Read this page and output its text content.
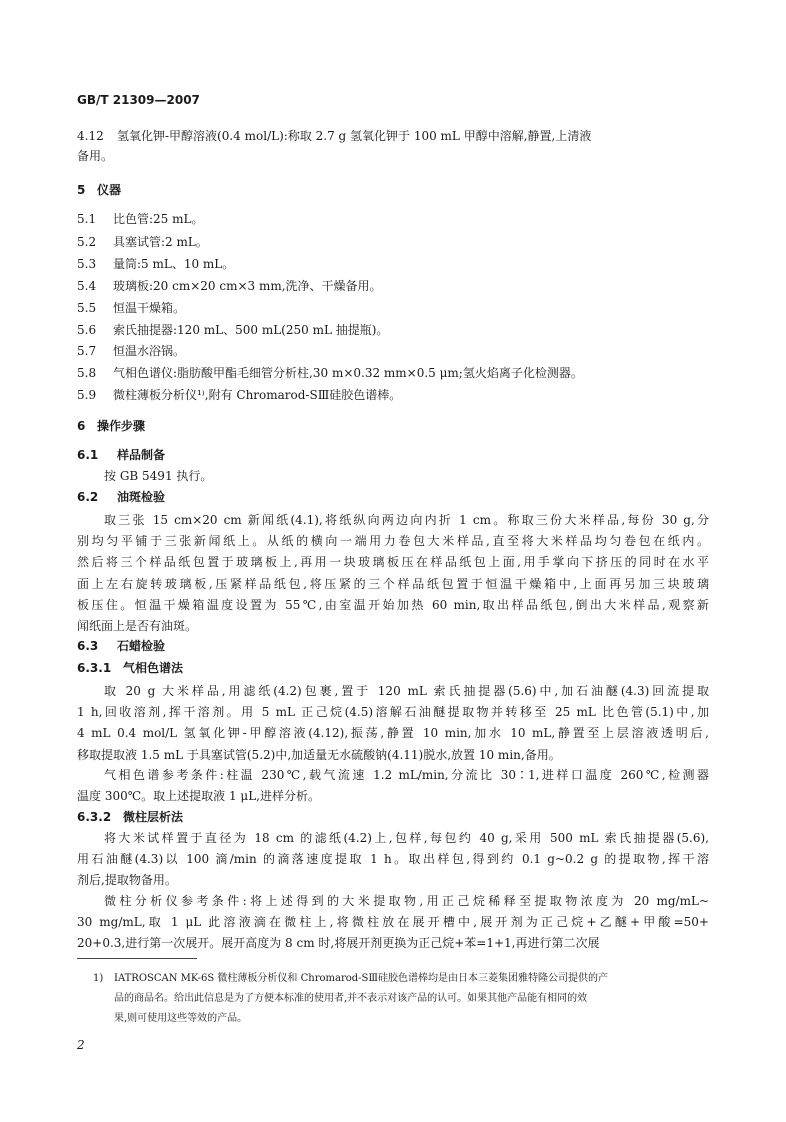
GB/T 21309—2007
4.12 氢氧化钾-甲醇溶液(0.4 mol/L):称取 2.7 g 氢氧化钾于 100 mL 甲醇中溶解,静置,上清液
备用。
5 仪器
5.1 比色管:25 mL。
5.2 具塞试管:2 mL。
5.3 量筒:5 mL、10 mL。
5.4 玻璃板:20 cm×20 cm×3 mm,洗净、干燥备用。
5.5 恒温干燥箱。
5.6 索氏抽提器:120 mL、500 mL(250 mL 抽提瓶)。
5.7 恒温水浴锅。
5.8 气相色谱仪:脂肪酸甲酯毛细管分析柱,30 m×0.32 mm×0.5 μm;氢火焰离子化检测器。
5.9 微柱薄板分析仪¹⁾,附有 Chromarod-SⅢ硅胶色谱棒。
6 操作步骤
6.1 样品制备
按 GB 5491 执行。
6.2 油斑检验
取三张 15 cm×20 cm 新闻纸(4.1),将纸纵向两边向内折 1 cm。称取三份大米样品,每份 30 g,分
别均匀平铺于三张新闻纸上。从纸的横向一端用力卷包大米样品,直至将大米样品均匀卷包在纸内。
然后将三个样品纸包置于玻璃板上,再用一块玻璃板压在样品纸包上面,用手掌向下挤压的同时在水平
面上左右旋转玻璃板,压紧样品纸包,将压紧的三个样品纸包置于恒温干燥箱中,上面再另加三块玻璃
板压住。恒温干燥箱温度设置为 55℃,由室温开始加热 60 min,取出样品纸包,倒出大米样品,观察新
闻纸面上是否有油斑。
6.3 石蜡检验
6.3.1 气相色谱法
取 20 g 大米样品,用滤纸(4.2)包裹,置于 120 mL 索氏抽提器(5.6)中,加石油醚(4.3)回流提取
1 h,回收溶剂,挥干溶剂。用 5 mL 正己烷(4.5)溶解石油醚提取物并转移至 25 mL 比色管(5.1)中,加
4 mL 0.4 mol/L 氢氧化钾-甲醇溶液(4.12),振荡,静置 10 min,加水 10 mL,静置至上层溶液透明后,
移取提取液 1.5 mL 于具塞试管(5.2)中,加适量无水硫酸钠(4.11)脱水,放置 10 min,备用。
气相色谱参考条件:柱温 230℃,载气流速 1.2 mL/min,分流比 30∶1,进样口温度 260℃,检测器
温度 300℃。取上述提取液 1 μL,进样分析。
6.3.2 微柱层析法
将大米试样置于直径为 18 cm 的滤纸(4.2)上,包样,每包约 40 g,采用 500 mL 索氏抽提器(5.6),
用石油醚(4.3)以 100 滴/min 的滴落速度提取 1 h。取出样包,得到约 0.1 g~0.2 g 的提取物,挥干溶
剂后,提取物备用。
微柱分析仪参考条件:将上述得到的大米提取物,用正己烷稀释至提取物浓度为 20 mg/mL~
30 mg/mL,取 1 μL 此溶液滴在微柱上,将微柱放在展开槽中,展开剂为正己烷+乙醚+甲酸=50+
20+0.3,进行第一次展开。展开高度为 8 cm 时,将展开剂更换为正己烷+苯=1+1,再进行第二次展
1) IATROSCAN MK-6S 微柱薄板分析仪和 Chromarod-SⅢ硅胶色谱棒均是由日本三菱集团雅特隆公司提供的产
品的商品名。给出此信息是为了方便本标准的使用者,并不表示对该产品的认可。如果其他产品能有相同的效
果,则可使用这些等效的产品。
2
